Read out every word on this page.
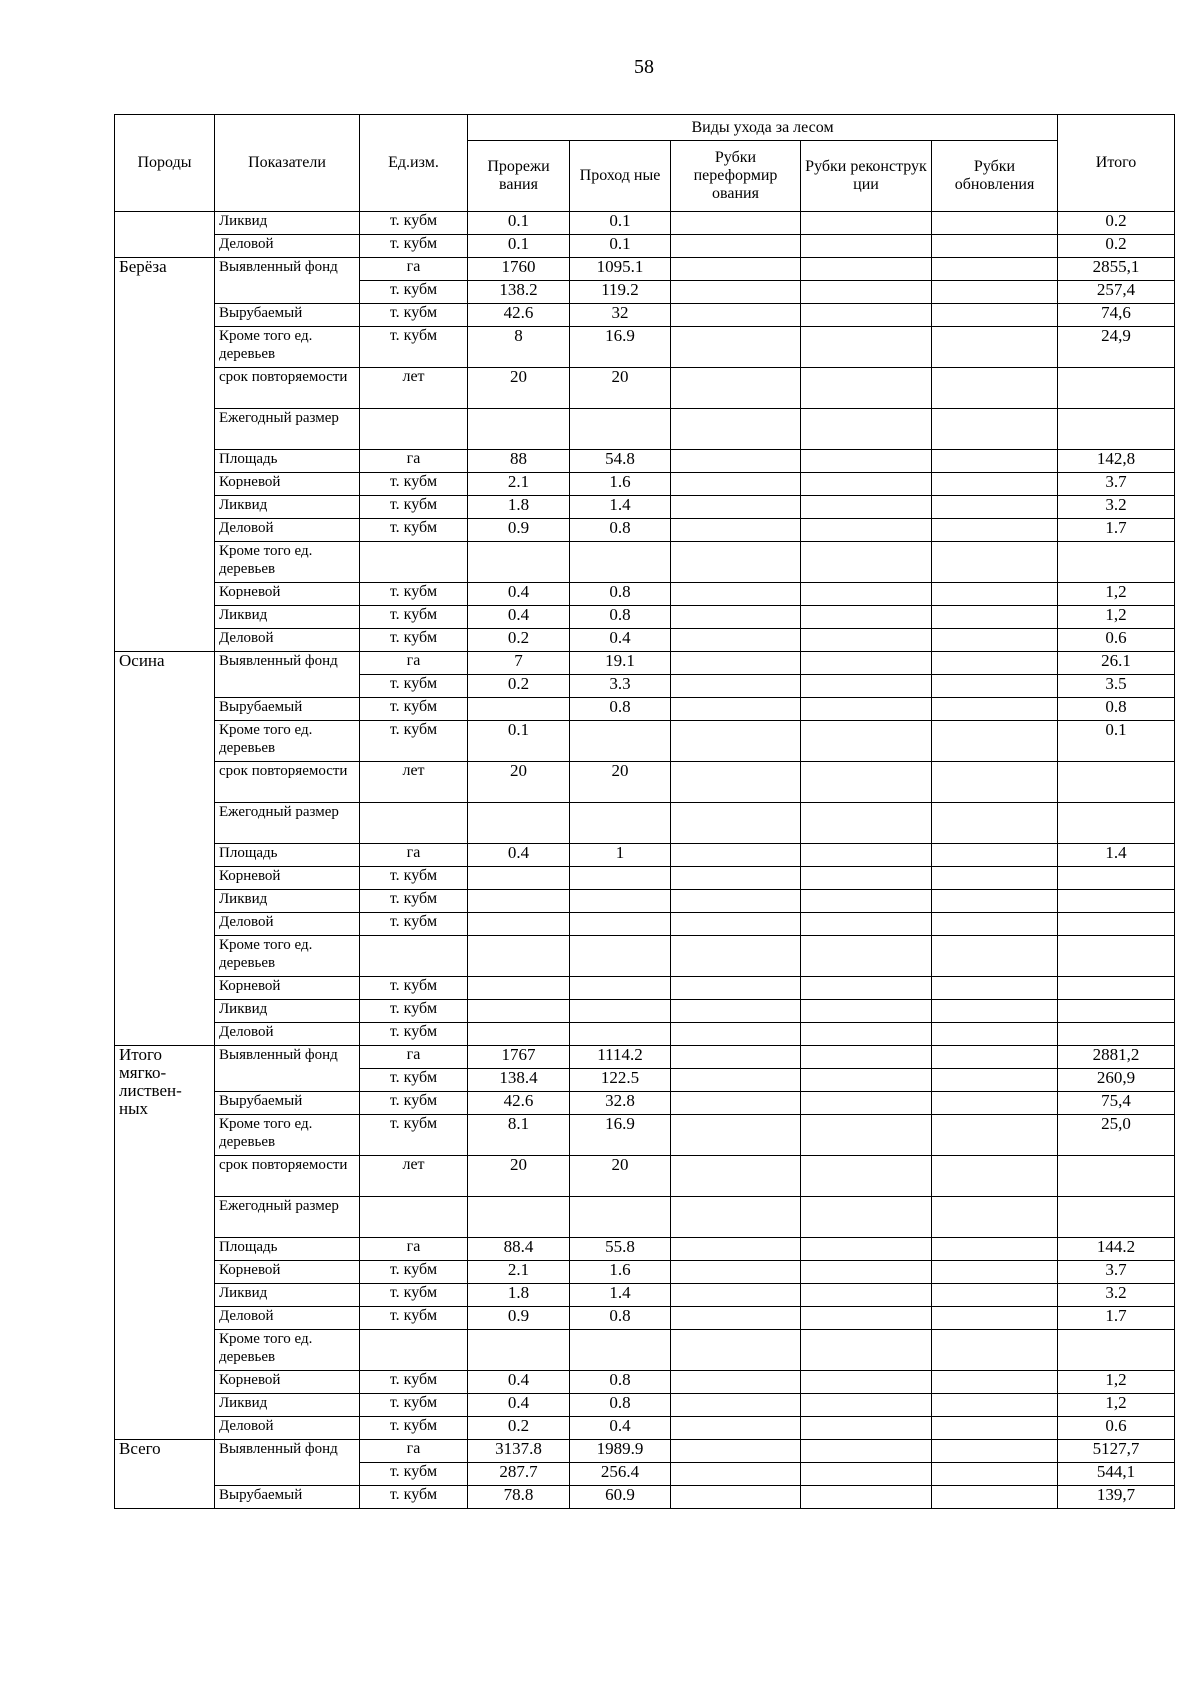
58
Породы	Показатели	Ед.изм.	Виды ухода за лесом					Итого
			Прорежи вания	Проход ные	Рубки переформир ования	Рубки реконструк ции	Рубки обновления	
	Ликвид	т. кубм	0.1	0.1				0.2
	Деловой	т. кубм	0.1	0.1				0.2
Берёза	Выявленный фонд	га	1760	1095.1				2855,1
		т. кубм	138.2	119.2				257,4
	Вырубаемый	т. кубм	42.6	32				74,6
	Кроме того ед. деревьев	т. кубм	8	16.9				24,9
	срок повторяемости	лет	20	20				
	Ежегодный размер							
	Площадь	га	88	54.8				142,8
	Корневой	т. кубм	2.1	1.6				3.7
	Ликвид	т. кубм	1.8	1.4				3.2
	Деловой	т. кубм	0.9	0.8				1.7
	Кроме того ед. деревьев							
	Корневой	т. кубм	0.4	0.8				1,2
	Ликвид	т. кубм	0.4	0.8				1,2
	Деловой	т. кубм	0.2	0.4				0.6
Осина	Выявленный фонд	га	7	19.1				26.1
		т. кубм	0.2	3.3				3.5
	Вырубаемый	т. кубм		0.8				0.8
	Кроме того ед. деревьев	т. кубм	0.1					0.1
	срок повторяемости	лет	20	20				
	Ежегодный размер							
	Площадь	га	0.4	1				1.4
	Корневой	т. кубм						
	Ликвид	т. кубм						
	Деловой	т. кубм						
	Кроме того ед. деревьев							
	Корневой	т. кубм						
	Ликвид	т. кубм						
	Деловой	т. кубм						
Итого мягко-листвен-ных	Выявленный фонд	га	1767	1114.2				2881,2
		т. кубм	138.4	122.5				260,9
	Вырубаемый	т. кубм	42.6	32.8				75,4
	Кроме того ед. деревьев	т. кубм	8.1	16.9				25,0
	срок повторяемости	лет	20	20				
	Ежегодный размер							
	Площадь	га	88.4	55.8				144.2
	Корневой	т. кубм	2.1	1.6				3.7
	Ликвид	т. кубм	1.8	1.4				3.2
	Деловой	т. кубм	0.9	0.8				1.7
	Кроме того ед. деревьев							
	Корневой	т. кубм	0.4	0.8				1,2
	Ликвид	т. кубм	0.4	0.8				1,2
	Деловой	т. кубм	0.2	0.4				0.6
Всего	Выявленный фонд	га	3137.8	1989.9				5127,7
		т. кубм	287.7	256.4				544,1
	Вырубаемый	т. кубм	78.8	60.9				139,7
